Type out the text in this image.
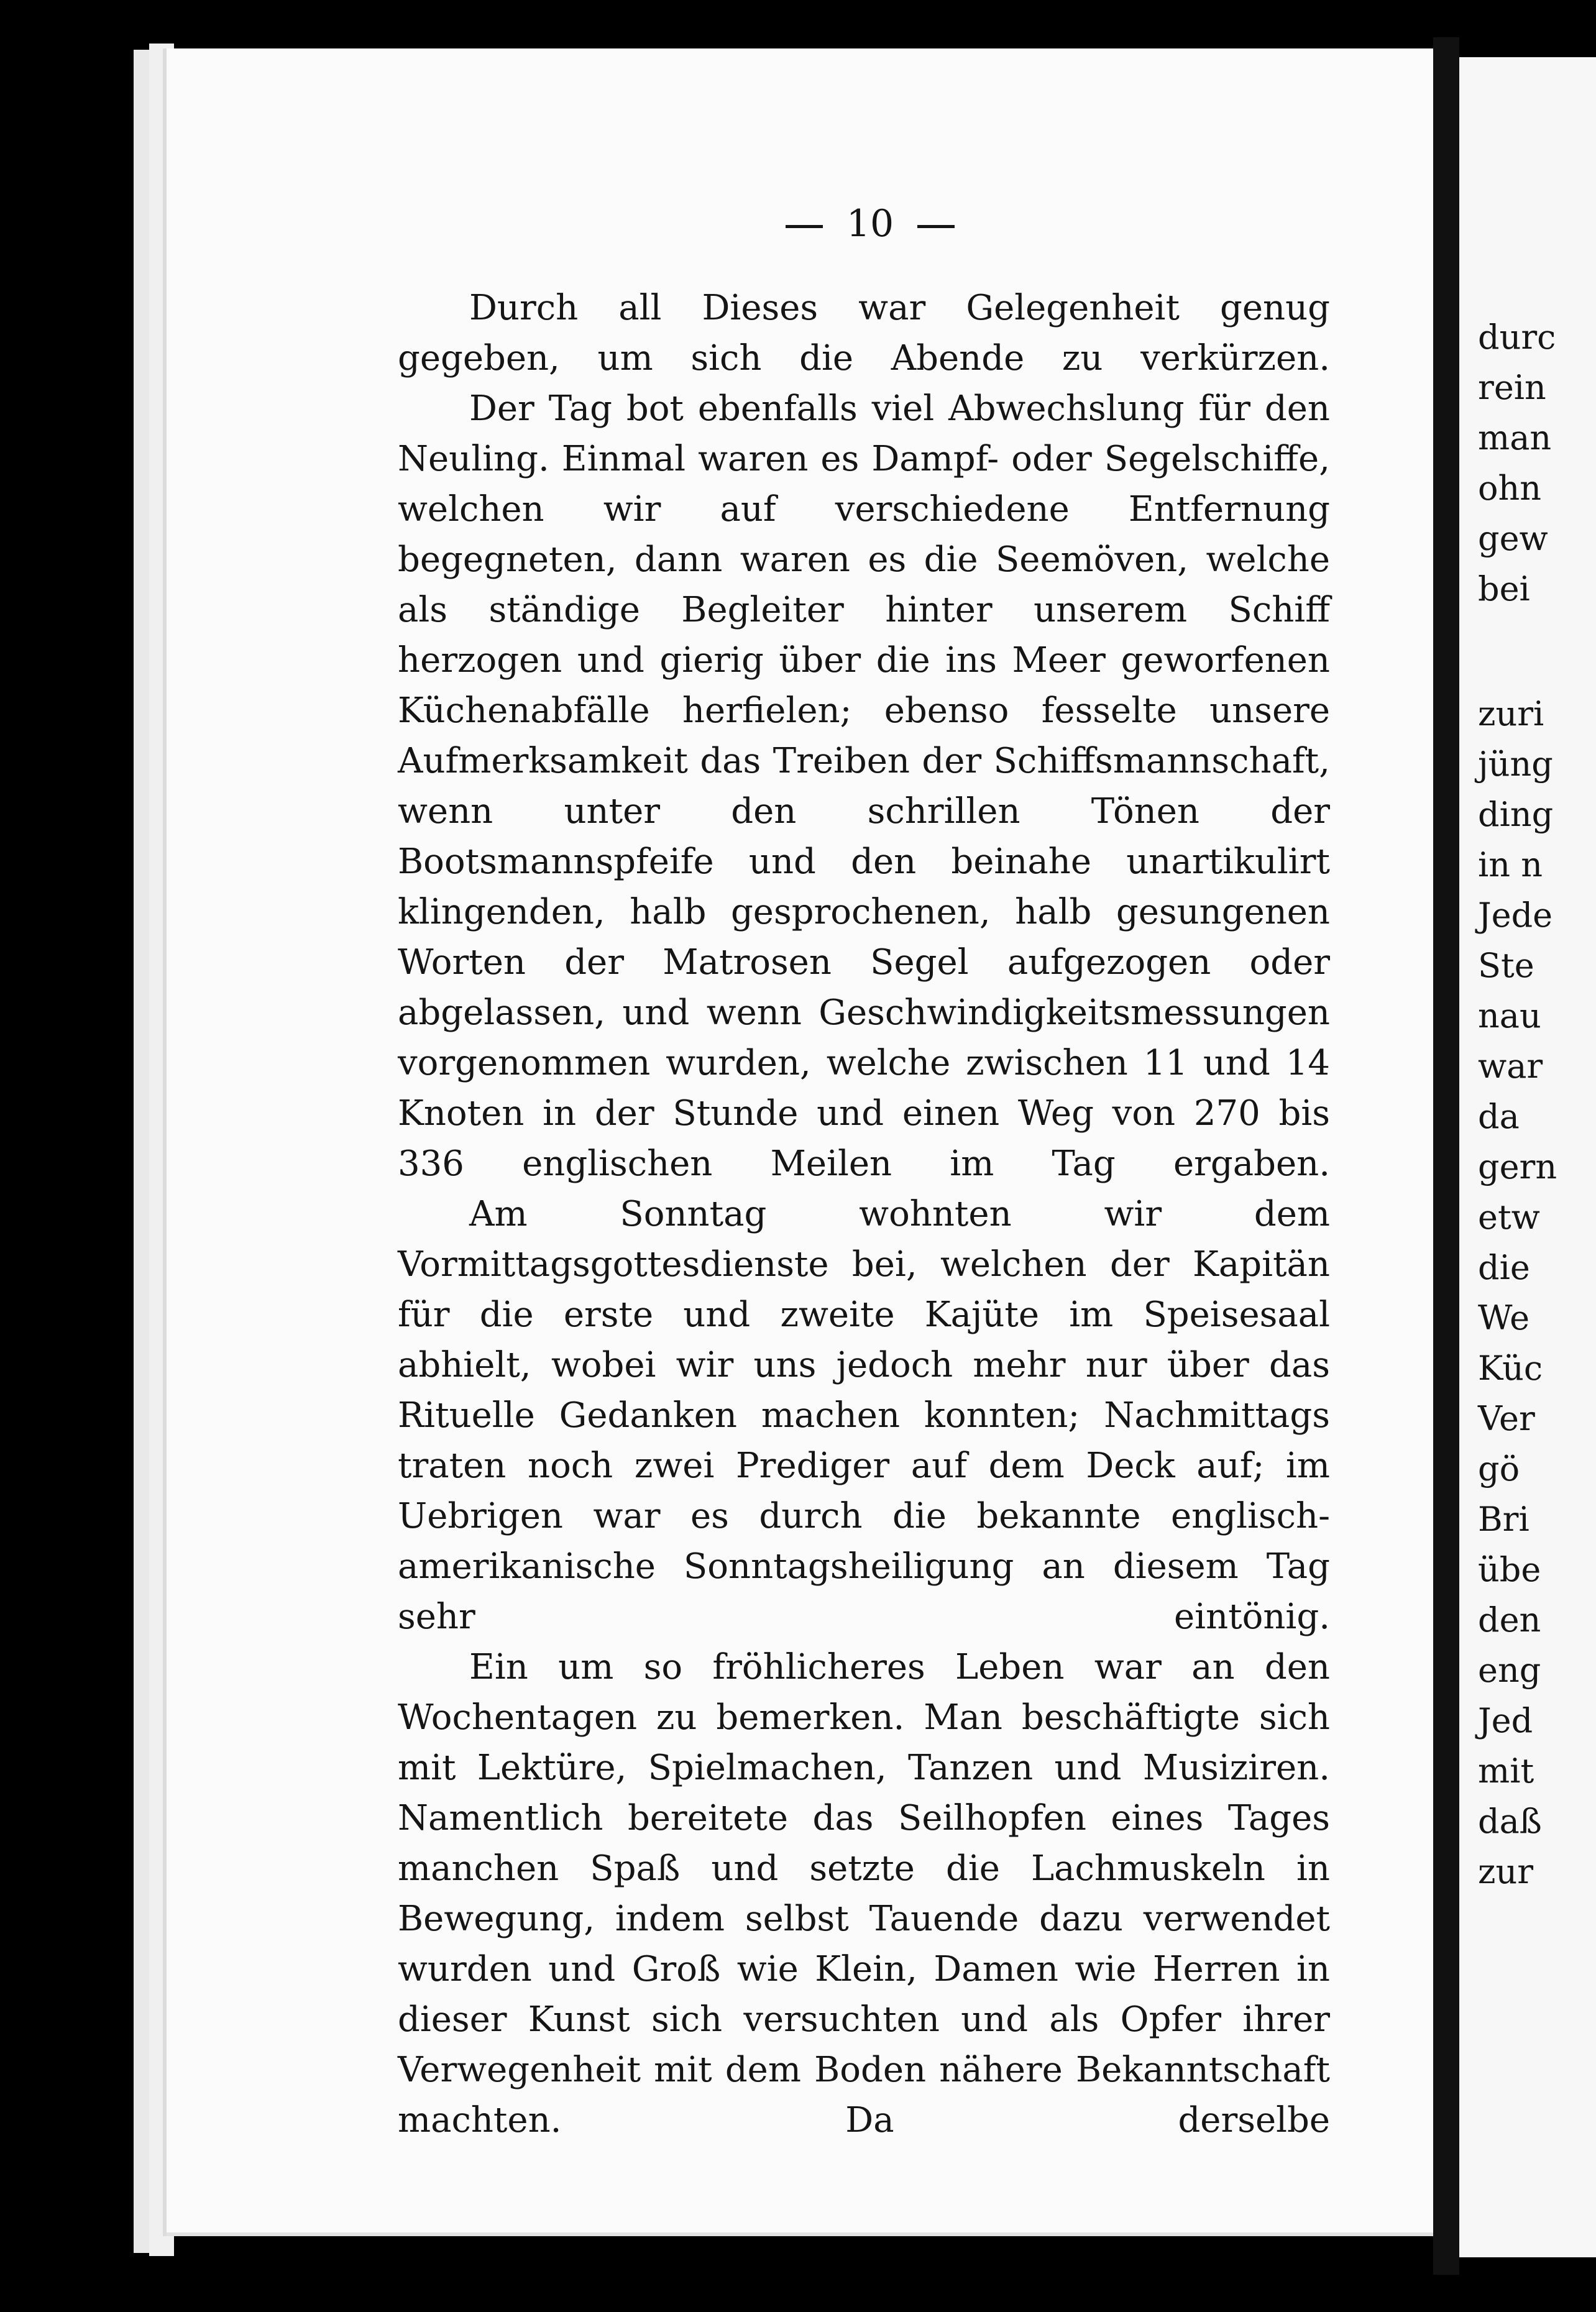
10

Durch all Dieses war Gelegenheit genug gegeben, um sich die Abende zu verkürzen.

Der Tag bot ebenfalls viel Abwechslung für den Neuling. Einmal waren es Dampf- oder Segelschiffe, welchen wir auf verschiedene Entfernung begegneten, dann waren es die Seemöven, welche als ständige Begleiter hinter unserem Schiff herzogen und gierig über die ins Meer geworfenen Küchenabfälle herfielen; ebenso fesselte unsere Aufmerksamkeit das Treiben der Schiffsmannschaft, wenn unter den schrillen Tönen der Bootsmannspfeife und den beinahe unartikulirt klingenden, halb gesprochenen, halb gesungenen Worten der Matrosen Segel aufgezogen oder abgelassen, und wenn Geschwindigkeitsmessungen vorgenommen wurden, welche zwischen 11 und 14 Knoten in der Stunde und einen Weg von 270 bis 336 englischen Meilen im Tag ergaben.

Am Sonntag wohnten wir dem Vormittagsgottesdienste bei, welchen der Kapitän für die erste und zweite Kajüte im Speisesaal abhielt, wobei wir uns jedoch mehr nur über das Rituelle Gedanken machen konnten; Nachmittags traten noch zwei Prediger auf dem Deck auf; im Uebrigen war es durch die bekannte englisch-amerikanische Sonntagsheiligung an diesem Tag sehr eintönig.

Ein um so fröhlicheres Leben war an den Wochentagen zu bemerken. Man beschäftigte sich mit Lektüre, Spielmachen, Tanzen und Musiziren. Namentlich bereitete das Seilhopfen eines Tages manchen Spaß und setzte die Lachmuskeln in Bewegung, indem selbst Tauende dazu verwendet wurden und Groß wie Klein, Damen wie Herren in dieser Kunst sich versuchten und als Opfer ihrer Verwegenheit mit dem Boden nähere Bekanntschaft machten. Da derselbe

durc
rein
man
ohn
gew
bei
zuri
jüng
ding
in n
Jede
Ste
nau
war
da
gern
etw
die
We
Küc
Ver
gö
Bri
übe
den
eng
Jed
mit
daß
zur
